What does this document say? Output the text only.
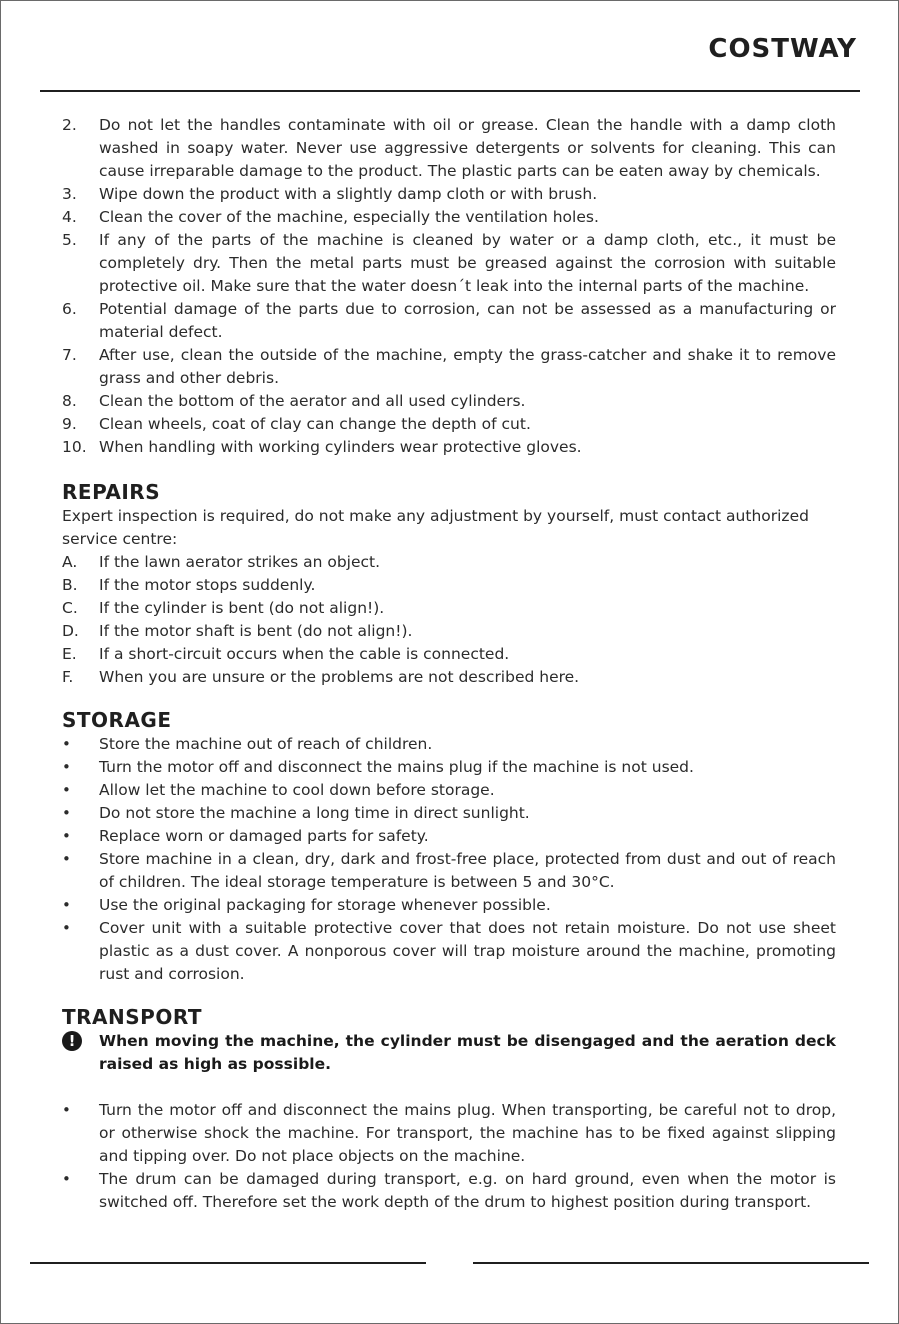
COSTWAY
2. Do not let the handles contaminate with oil or grease. Clean the handle with a damp cloth washed in soapy water. Never use aggressive detergents or solvents for cleaning. This can cause irreparable damage to the product. The plastic parts can be eaten away by chemicals.
3. Wipe down the product with a slightly damp cloth or with brush.
4. Clean the cover of the machine, especially the ventilation holes.
5. If any of the parts of the machine is cleaned by water or a damp cloth, etc., it must be completely dry. Then the metal parts must be greased against the corrosion with suitable protective oil. Make sure that the water doesn´t leak into the internal parts of the machine.
6. Potential damage of the parts due to corrosion, can not be assessed as a manufacturing or material defect.
7. After use, clean the outside of the machine, empty the grass-catcher and shake it to remove grass and other debris.
8. Clean the bottom of the aerator and all used cylinders.
9. Clean wheels, coat of clay can change the depth of cut.
10. When handling with working cylinders wear protective gloves.
REPAIRS
Expert inspection is required, do not make any adjustment by yourself, must contact authorized service centre:
A. If the lawn aerator strikes an object.
B. If the motor stops suddenly.
C. If the cylinder is bent (do not align!).
D. If the motor shaft is bent (do not align!).
E. If a short-circuit occurs when the cable is connected.
F. When you are unsure or the problems are not described here.
STORAGE
• Store the machine out of reach of children.
• Turn the motor off and disconnect the mains plug if the machine is not used.
• Allow let the machine to cool down before storage.
• Do not store the machine a long time in direct sunlight.
• Replace worn or damaged parts for safety.
• Store machine in a clean, dry, dark and frost-free place, protected from dust and out of reach of children. The ideal storage temperature is between 5 and 30°C.
• Use the original packaging for storage whenever possible.
• Cover unit with a suitable protective cover that does not retain moisture. Do not use sheet plastic as a dust cover. A nonporous cover will trap moisture around the machine, promoting rust and corrosion.
TRANSPORT
!	When moving the machine, the cylinder must be disengaged and the aeration deck raised as high as possible.
• Turn the motor off and disconnect the mains plug. When transporting, be careful not to drop, or otherwise shock the machine. For transport, the machine has to be fixed against slipping and tipping over. Do not place objects on the machine.
• The drum can be damaged during transport, e.g. on hard ground, even when the motor is switched off. Therefore set the work depth of the drum to highest position during transport.
